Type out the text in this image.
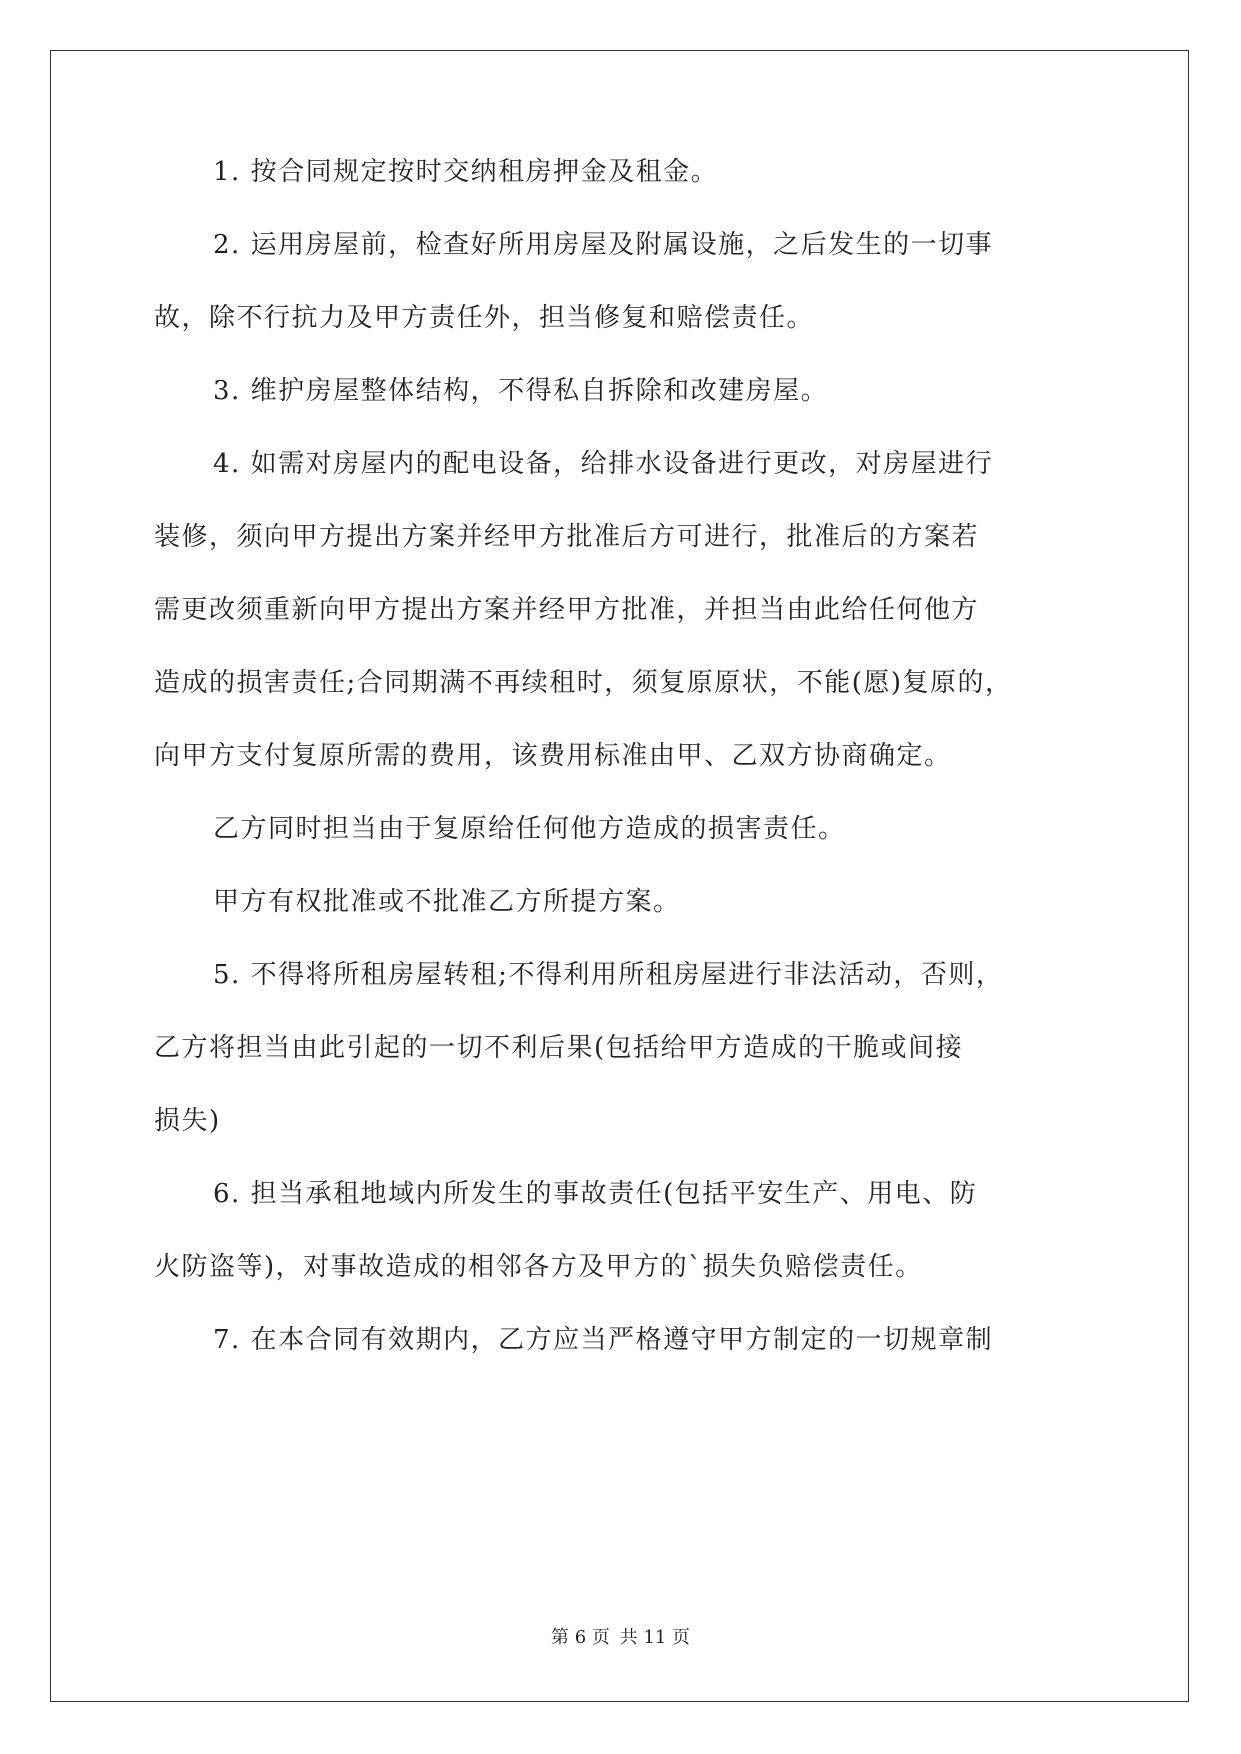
1. 按合同规定按时交纳租房押金及租金。
2. 运用房屋前，检查好所用房屋及附属设施，之后发生的一切事
故，除不行抗力及甲方责任外，担当修复和赔偿责任。
3. 维护房屋整体结构，不得私自拆除和改建房屋。
4. 如需对房屋内的配电设备，给排水设备进行更改，对房屋进行
装修，须向甲方提出方案并经甲方批准后方可进行，批准后的方案若
需更改须重新向甲方提出方案并经甲方批准，并担当由此给任何他方
造成的损害责任;合同期满不再续租时，须复原原状，不能(愿)复原的，
向甲方支付复原所需的费用，该费用标准由甲、乙双方协商确定。
乙方同时担当由于复原给任何他方造成的损害责任。
甲方有权批准或不批准乙方所提方案。
5. 不得将所租房屋转租;不得利用所租房屋进行非法活动，否则，
乙方将担当由此引起的一切不利后果(包括给甲方造成的干脆或间接
损失)
6. 担当承租地域内所发生的事故责任(包括平安生产、用电、防
火防盗等)，对事故造成的相邻各方及甲方的`损失负赔偿责任。
7. 在本合同有效期内，乙方应当严格遵守甲方制定的一切规章制
第 6 页 共 11 页
